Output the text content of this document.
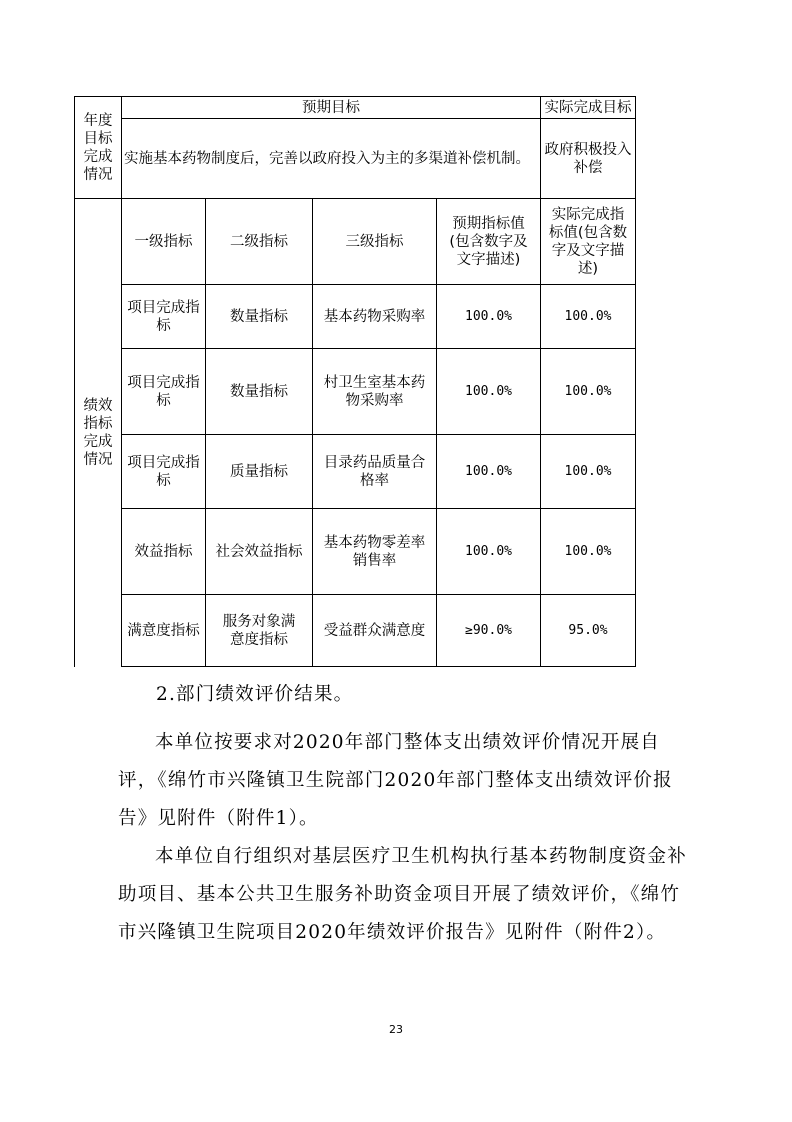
年度目标完成情况	预期目标				实际完成目标
	实施基本药物制度后，完善以政府投入为主的多渠道补偿机制。				政府积极投入补偿
绩效指标完成情况	一级指标	二级指标	三级指标	预期指标值(包含数字及文字描述)	实际完成指标值(包含数字及文字描述)
	项目完成指标	数量指标	基本药物采购率	100.0%	100.0%
	项目完成指标	数量指标	村卫生室基本药物采购率	100.0%	100.0%
	项目完成指标	质量指标	目录药品质量合格率	100.0%	100.0%
	效益指标	社会效益指标	基本药物零差率销售率	100.0%	100.0%
	满意度指标	服务对象满意度指标	受益群众满意度	≥90.0%	95.0%
2.部门绩效评价结果。

本单位按要求对2020年部门整体支出绩效评价情况开展自评，《绵竹市兴隆镇卫生院部门2020年部门整体支出绩效评价报告》见附件（附件1）。

本单位自行组织对基层医疗卫生机构执行基本药物制度资金补助项目、基本公共卫生服务补助资金项目开展了绩效评价，《绵竹市兴隆镇卫生院项目2020年绩效评价报告》见附件（附件2）。

23
